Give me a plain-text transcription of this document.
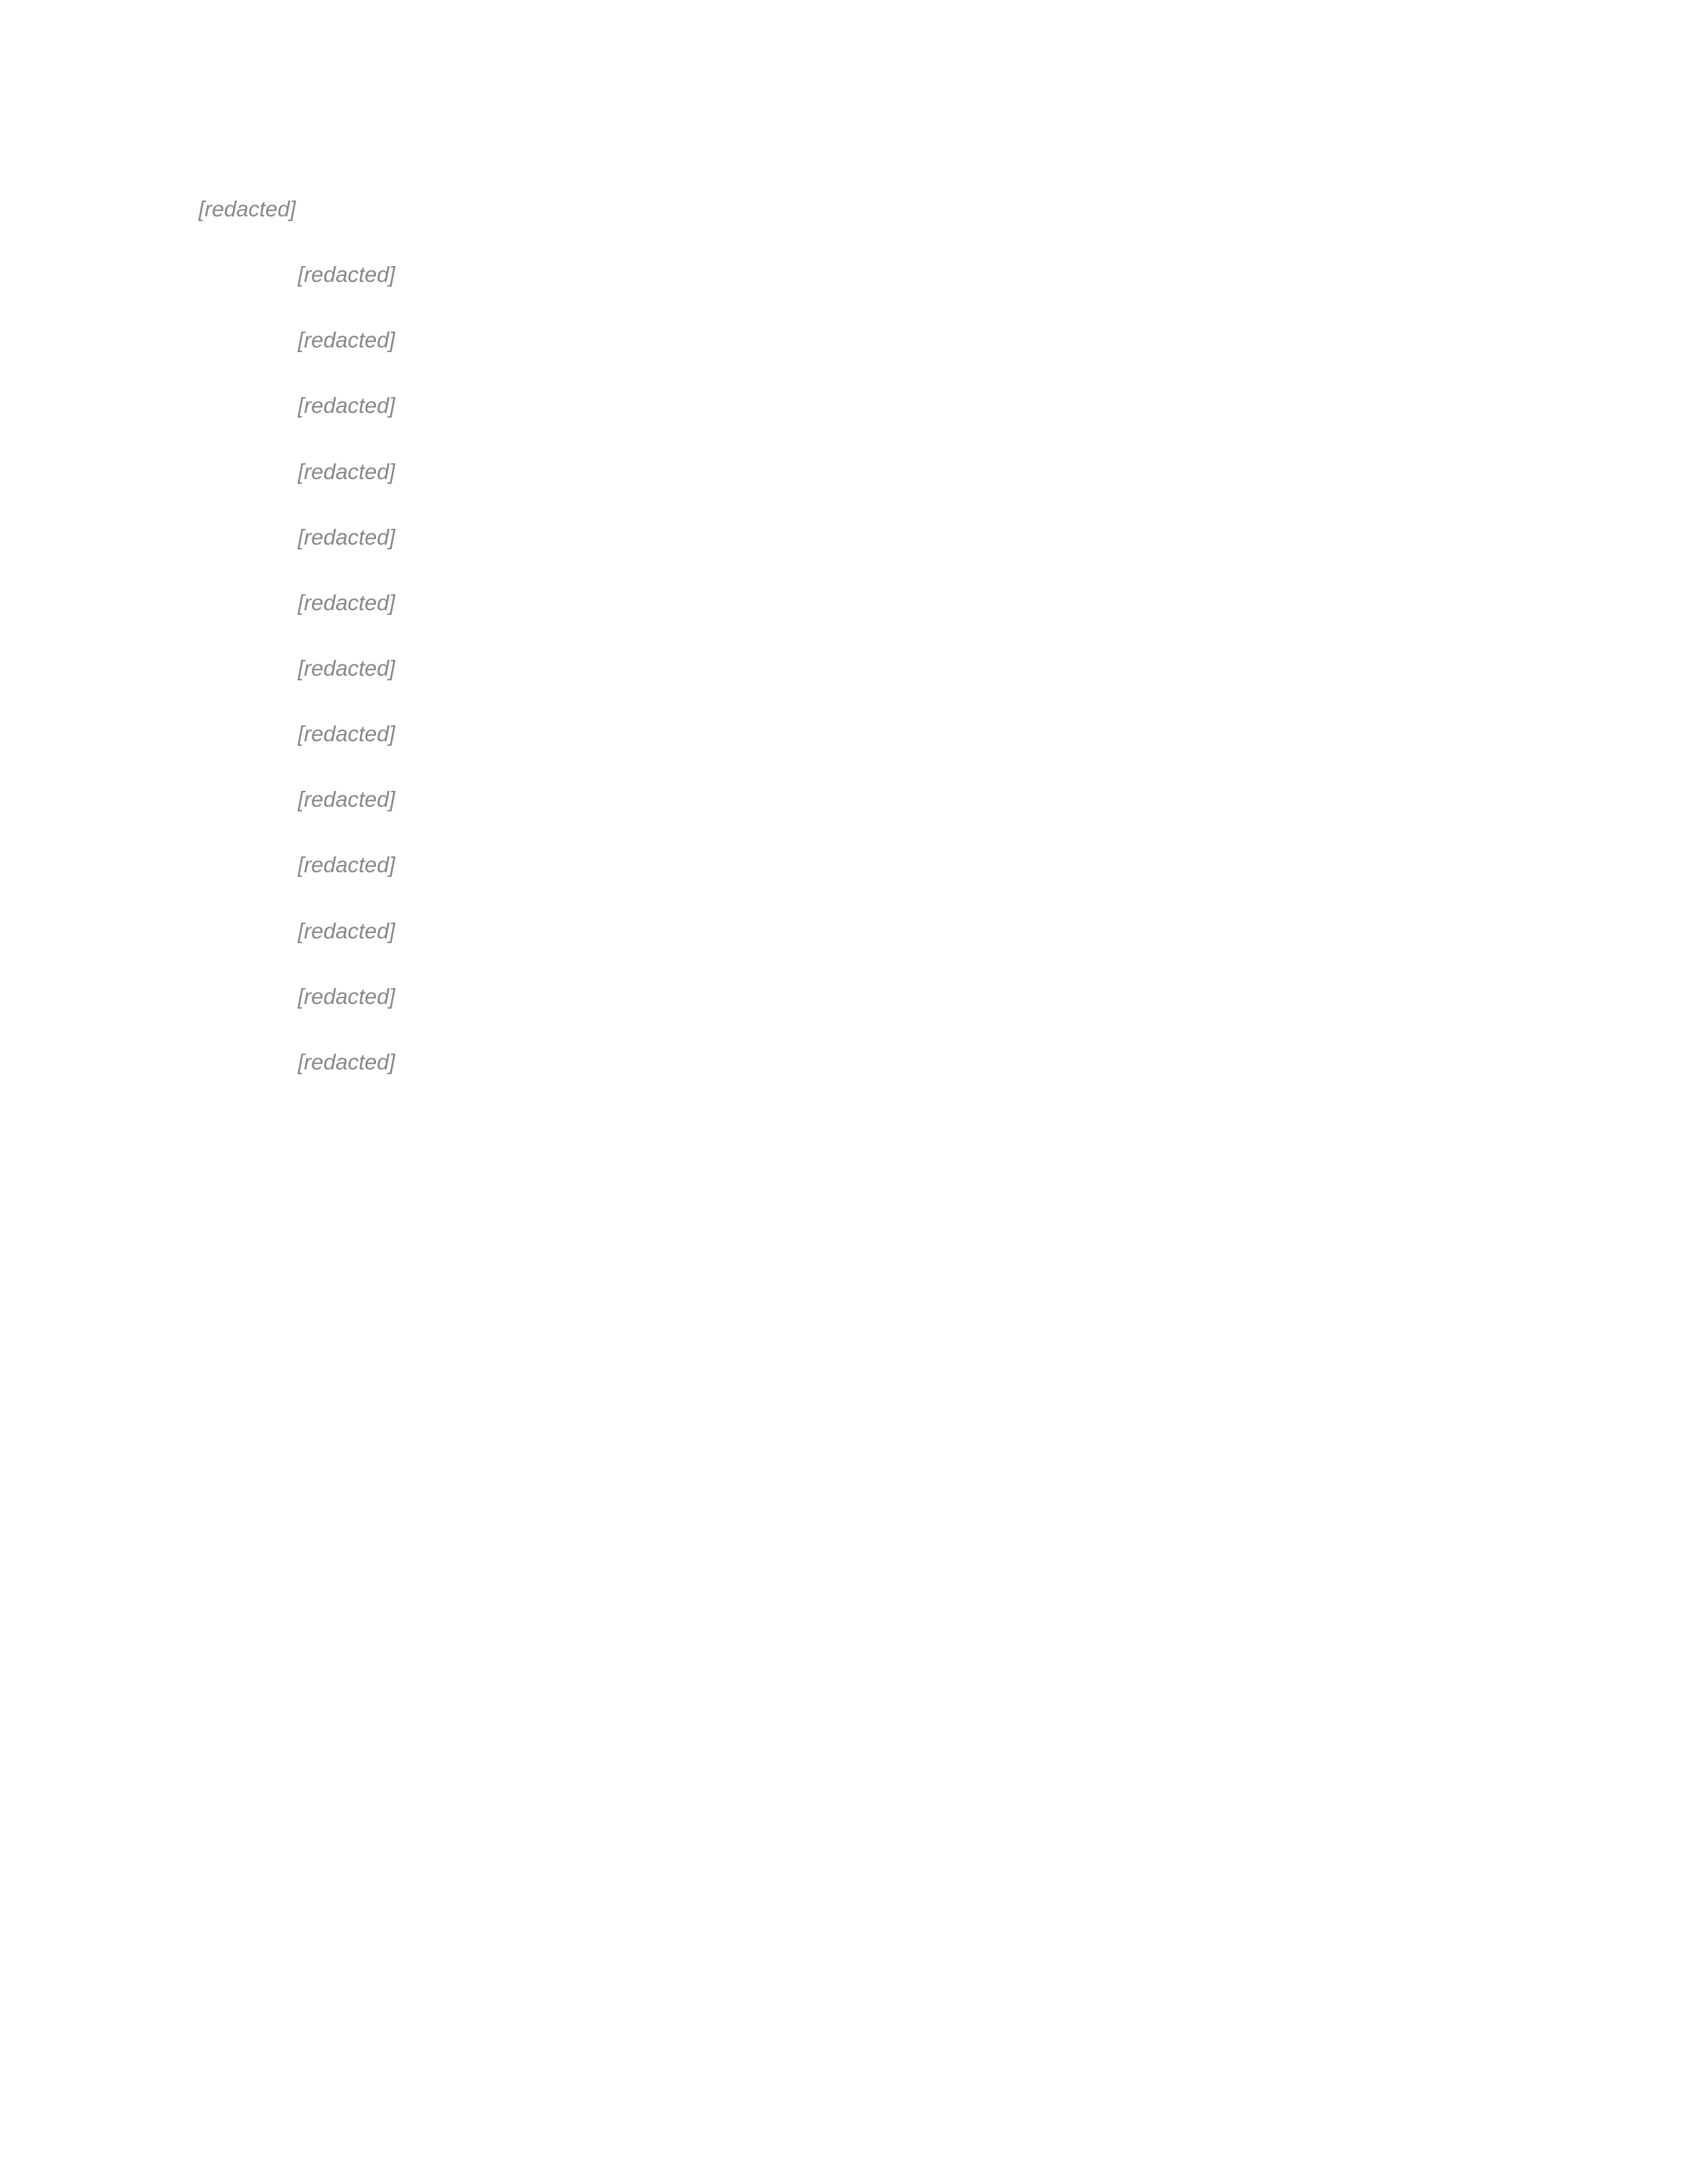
[redacted]

[redacted]

[redacted]

[redacted]

[redacted]

[redacted]

[redacted]

[redacted]

[redacted]

[redacted]

[redacted]

[redacted]

[redacted]

[redacted]
